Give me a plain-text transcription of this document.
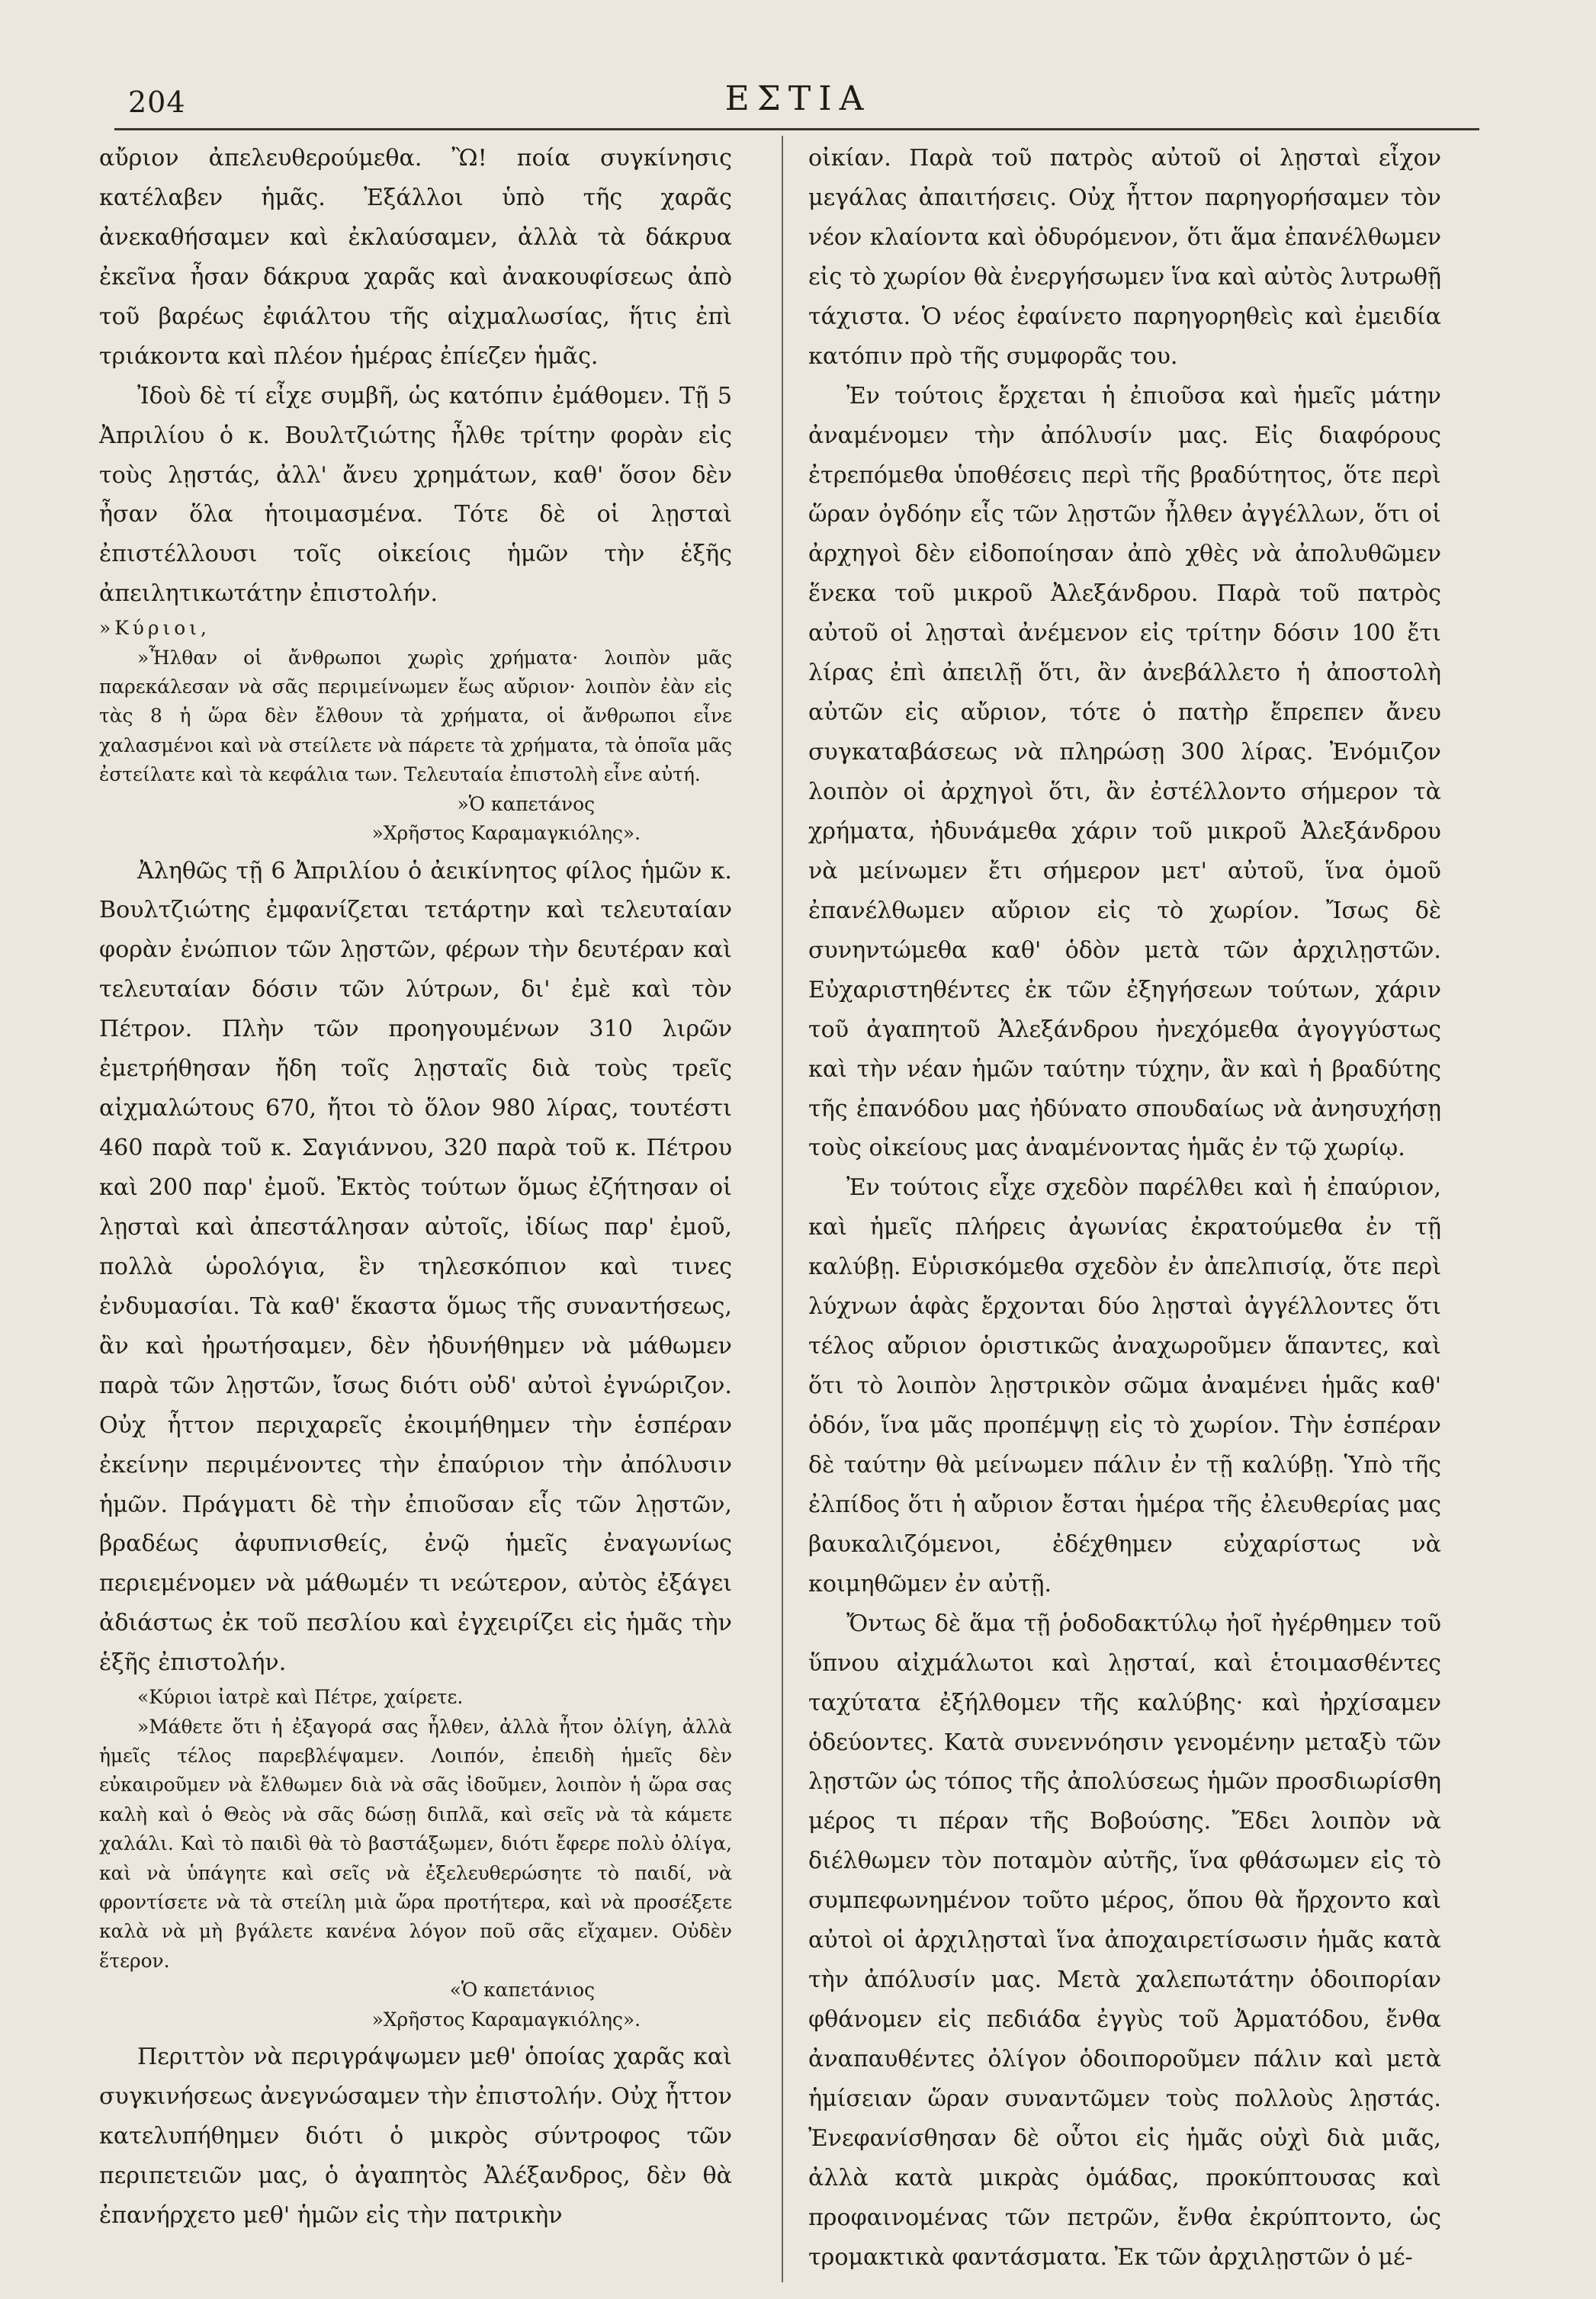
204	ΕΣΤΙΑ

αὔριον ἀπελευθερούμεθα. Ὢ! ποία συγκίνησις κατέλαβεν ἡμᾶς. Ἐξάλλοι ὑπὸ τῆς χαρᾶς ἀνεκαθήσαμεν καὶ ἐκλαύσαμεν, ἀλλὰ τὰ δάκρυα ἐκεῖνα ἦσαν δάκρυα χαρᾶς καὶ ἀνακουφίσεως ἀπὸ τοῦ βαρέως ἐφιάλτου τῆς αἰχμαλωσίας, ἥτις ἐπὶ τριάκοντα καὶ πλέον ἡμέρας ἐπίεζεν ἡμᾶς.

Ἰδοὺ δὲ τί εἶχε συμβῆ, ὡς κατόπιν ἐμάθομεν. Τῇ 5 Ἀπριλίου ὁ κ. Βουλτζιώτης ἦλθε τρίτην φορὰν εἰς τοὺς λῃστάς, ἀλλ' ἄνευ χρημάτων, καθ' ὅσον δὲν ἦσαν ὅλα ἡτοιμασμένα. Τότε δὲ οἱ λῃσταὶ ἐπιστέλλουσι τοῖς οἰκείοις ἡμῶν τὴν ἑξῆς ἀπειλητικωτάτην ἐπιστολήν.

»Κύριοι,

»Ἦλθαν οἱ ἄνθρωποι χωρὶς χρήματα· λοιπὸν μᾶς παρεκάλεσαν νὰ σᾶς περιμείνωμεν ἕως αὔριον· λοιπὸν ἐὰν εἰς τὰς 8 ἡ ὥρα δὲν ἔλθουν τὰ χρήματα, οἱ ἄνθρωποι εἶνε χαλασμένοι καὶ νὰ στείλετε νὰ πάρετε τὰ χρήματα, τὰ ὁποῖα μᾶς ἐστείλατε καὶ τὰ κεφάλια των. Τελευταία ἐπιστολὴ εἶνε αὐτή.

»Ὁ καπετάνος

»Χρῆστος Καραμαγκιόλης».

Ἀληθῶς τῇ 6 Ἀπριλίου ὁ ἀεικίνητος φίλος ἡμῶν κ. Βουλτζιώτης ἐμφανίζεται τετάρτην καὶ τελευταίαν φορὰν ἐνώπιον τῶν λῃστῶν, φέρων τὴν δευτέραν καὶ τελευταίαν δόσιν τῶν λύτρων, δι' ἐμὲ καὶ τὸν Πέτρον. Πλὴν τῶν προηγουμένων 310 λιρῶν ἐμετρήθησαν ἤδη τοῖς λῃσταῖς διὰ τοὺς τρεῖς αἰχμαλώτους 670, ἤτοι τὸ ὅλον 980 λίρας, τουτέστι 460 παρὰ τοῦ κ. Σαγιάννου, 320 παρὰ τοῦ κ. Πέτρου καὶ 200 παρ' ἐμοῦ. Ἐκτὸς τούτων ὅμως ἐζήτησαν οἱ λῃσταὶ καὶ ἀπεστάλησαν αὐτοῖς, ἰδίως παρ' ἐμοῦ, πολλὰ ὡρολόγια, ἓν τηλεσκόπιον καὶ τινες ἐνδυμασίαι. Τὰ καθ' ἕκαστα ὅμως τῆς συναντήσεως, ἂν καὶ ἠρωτήσαμεν, δὲν ἠδυνήθημεν νὰ μάθωμεν παρὰ τῶν λῃστῶν, ἴσως διότι οὐδ' αὐτοὶ ἐγνώριζον. Οὐχ ἧττον περιχαρεῖς ἐκοιμήθημεν τὴν ἑσπέραν ἐκείνην περιμένοντες τὴν ἐπαύριον τὴν ἀπόλυσιν ἡμῶν. Πράγματι δὲ τὴν ἐπιοῦσαν εἷς τῶν λῃστῶν, βραδέως ἀφυπνισθείς, ἐνῷ ἡμεῖς ἐναγωνίως περιεμένομεν νὰ μάθωμέν τι νεώτερον, αὐτὸς ἐξάγει ἀδιάστως ἐκ τοῦ πεσλίου καὶ ἐγχειρίζει εἰς ἡμᾶς τὴν ἑξῆς ἐπιστολήν.

«Κύριοι ἰατρὲ καὶ Πέτρε, χαίρετε.

»Μάθετε ὅτι ἡ ἐξαγορά σας ἦλθεν, ἀλλὰ ἦτον ὀλίγη, ἀλλὰ ἡμεῖς τέλος παρεβλέψαμεν. Λοιπόν, ἐπειδὴ ἡμεῖς δὲν εὐκαιροῦμεν νὰ ἔλθωμεν διὰ νὰ σᾶς ἰδοῦμεν, λοιπὸν ἡ ὥρα σας καλὴ καὶ ὁ Θεὸς νὰ σᾶς δώσῃ διπλᾶ, καὶ σεῖς νὰ τὰ κάμετε χαλάλι. Καὶ τὸ παιδὶ θὰ τὸ βαστάξωμεν, διότι ἔφερε πολὺ ὀλίγα, καὶ νὰ ὑπάγητε καὶ σεῖς νὰ ἐξελευθερώσητε τὸ παιδί, νὰ φροντίσετε νὰ τὰ στείλη μιὰ ὥρα προτήτερα, καὶ νὰ προσέξετε καλὰ νὰ μὴ βγάλετε κανένα λόγον ποῦ σᾶς εἴχαμεν. Οὐδὲν ἕτερον.

«Ὁ καπετάνιος

»Χρῆστος Καραμαγκιόλης».

Περιττὸν νὰ περιγράψωμεν μεθ' ὁποίας χαρᾶς καὶ συγκινήσεως ἀνεγνώσαμεν τὴν ἐπιστολήν. Οὐχ ἧττον κατελυπήθημεν διότι ὁ μικρὸς σύντροφος τῶν περιπετειῶν μας, ὁ ἀγαπητὸς Ἀλέξανδρος, δὲν θὰ ἐπανήρχετο μεθ' ἡμῶν εἰς τὴν πατρικὴν

οἰκίαν. Παρὰ τοῦ πατρὸς αὐτοῦ οἱ λῃσταὶ εἶχον μεγάλας ἀπαιτήσεις. Οὐχ ἧττον παρηγορήσαμεν τὸν νέον κλαίοντα καὶ ὀδυρόμενον, ὅτι ἅμα ἐπανέλθωμεν εἰς τὸ χωρίον θὰ ἐνεργήσωμεν ἵνα καὶ αὐτὸς λυτρωθῇ τάχιστα. Ὁ νέος ἐφαίνετο παρηγορηθεὶς καὶ ἐμειδία κατόπιν πρὸ τῆς συμφορᾶς του.

Ἐν τούτοις ἔρχεται ἡ ἐπιοῦσα καὶ ἡμεῖς μάτην ἀναμένομεν τὴν ἀπόλυσίν μας. Εἰς διαφόρους ἐτρεπόμεθα ὑποθέσεις περὶ τῆς βραδύτητος, ὅτε περὶ ὥραν ὀγδόην εἷς τῶν λῃστῶν ἦλθεν ἀγγέλλων, ὅτι οἱ ἀρχηγοὶ δὲν εἰδοποίησαν ἀπὸ χθὲς νὰ ἀπολυθῶμεν ἕνεκα τοῦ μικροῦ Ἀλεξάνδρου. Παρὰ τοῦ πατρὸς αὐτοῦ οἱ λῃσταὶ ἀνέμενον εἰς τρίτην δόσιν 100 ἔτι λίρας ἐπὶ ἀπειλῇ ὅτι, ἂν ἀνεβάλλετο ἡ ἀποστολὴ αὐτῶν εἰς αὔριον, τότε ὁ πατὴρ ἔπρεπεν ἄνευ συγκαταβάσεως νὰ πληρώσῃ 300 λίρας. Ἐνόμιζον λοιπὸν οἱ ἀρχηγοὶ ὅτι, ἂν ἐστέλλοντο σήμερον τὰ χρήματα, ἠδυνάμεθα χάριν τοῦ μικροῦ Ἀλεξάνδρου νὰ μείνωμεν ἔτι σήμερον μετ' αὐτοῦ, ἵνα ὁμοῦ ἐπανέλθωμεν αὔριον εἰς τὸ χωρίον. Ἴσως δὲ συνηντώμεθα καθ' ὁδὸν μετὰ τῶν ἀρχιλῃστῶν. Εὐχαριστηθέντες ἐκ τῶν ἐξηγήσεων τούτων, χάριν τοῦ ἀγαπητοῦ Ἀλεξάνδρου ἠνεχόμεθα ἀγογγύστως καὶ τὴν νέαν ἡμῶν ταύτην τύχην, ἂν καὶ ἡ βραδύτης τῆς ἐπανόδου μας ἠδύνατο σπουδαίως νὰ ἀνησυχήσῃ τοὺς οἰκείους μας ἀναμένοντας ἡμᾶς ἐν τῷ χωρίῳ.

Ἐν τούτοις εἶχε σχεδὸν παρέλθει καὶ ἡ ἐπαύριον, καὶ ἡμεῖς πλήρεις ἀγωνίας ἐκρατούμεθα ἐν τῇ καλύβῃ. Εὑρισκόμεθα σχεδὸν ἐν ἀπελπισίᾳ, ὅτε περὶ λύχνων ἁφὰς ἔρχονται δύο λῃσταὶ ἀγγέλλοντες ὅτι τέλος αὔριον ὁριστικῶς ἀναχωροῦμεν ἅπαντες, καὶ ὅτι τὸ λοιπὸν λῃστρικὸν σῶμα ἀναμένει ἡμᾶς καθ' ὁδόν, ἵνα μᾶς προπέμψῃ εἰς τὸ χωρίον. Τὴν ἑσπέραν δὲ ταύτην θὰ μείνωμεν πάλιν ἐν τῇ καλύβῃ. Ὑπὸ τῆς ἐλπίδος ὅτι ἡ αὔριον ἔσται ἡμέρα τῆς ἐλευθερίας μας βαυκαλιζόμενοι, ἐδέχθημεν εὐχαρίστως νὰ κοιμηθῶμεν ἐν αὐτῇ.

Ὄντως δὲ ἅμα τῇ ῥοδοδακτύλῳ ἠοῖ ἠγέρθημεν τοῦ ὕπνου αἰχμάλωτοι καὶ λῃσταί, καὶ ἑτοιμασθέντες ταχύτατα ἐξήλθομεν τῆς καλύβης· καὶ ἠρχίσαμεν ὁδεύοντες. Κατὰ συνεννόησιν γενομένην μεταξὺ τῶν λῃστῶν ὡς τόπος τῆς ἀπολύσεως ἡμῶν προσδιωρίσθη μέρος τι πέραν τῆς Βοβούσης. Ἔδει λοιπὸν νὰ διέλθωμεν τὸν ποταμὸν αὐτῆς, ἵνα φθάσωμεν εἰς τὸ συμπεφωνημένον τοῦτο μέρος, ὅπου θὰ ἤρχοντο καὶ αὐτοὶ οἱ ἀρχιλῃσταὶ ἵνα ἀποχαιρετίσωσιν ἡμᾶς κατὰ τὴν ἀπόλυσίν μας. Μετὰ χαλεπωτάτην ὁδοιπορίαν φθάνομεν εἰς πεδιάδα ἐγγὺς τοῦ Ἀρματόδου, ἔνθα ἀναπαυθέντες ὀλίγον ὁδοιποροῦμεν πάλιν καὶ μετὰ ἡμίσειαν ὥραν συναντῶμεν τοὺς πολλοὺς λῃστάς. Ἐνεφανίσθησαν δὲ οὗτοι εἰς ἡμᾶς οὐχὶ διὰ μιᾶς, ἀλλὰ κατὰ μικρὰς ὁμάδας, προκύπτουσας καὶ προφαινομένας τῶν πετρῶν, ἔνθα ἐκρύπτοντο, ὡς τρομακτικὰ φαντάσματα. Ἐκ τῶν ἀρχιλῃστῶν ὁ μέ-
